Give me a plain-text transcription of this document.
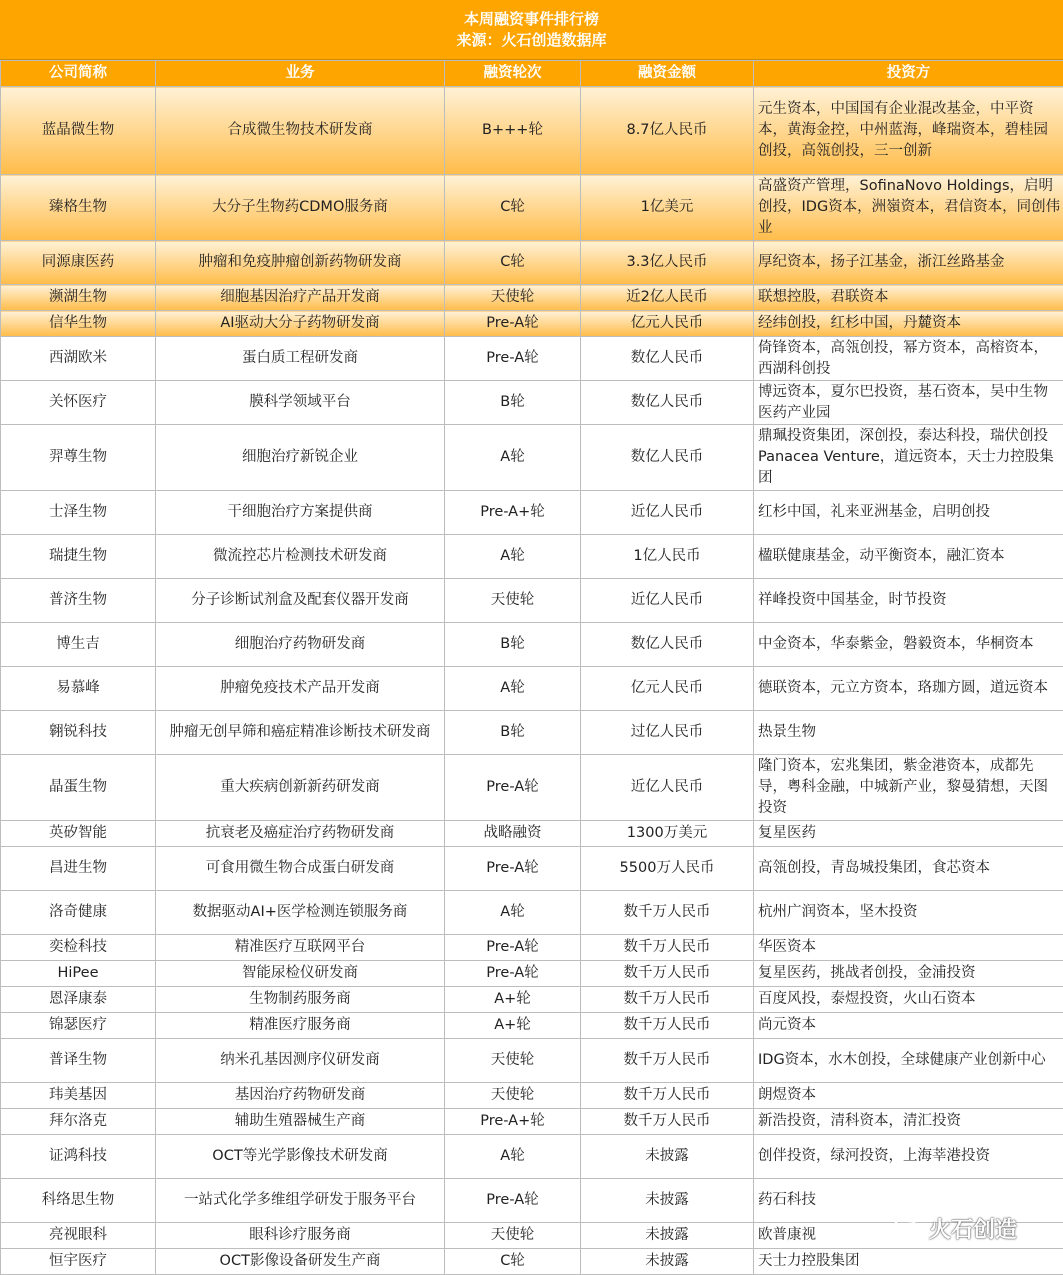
本周融资事件排行榜
来源：火石创造数据库
公司简称	业务	融资轮次	融资金额	投资方
蓝晶微生物	合成微生物技术研发商	B+++轮	8.7亿人民币	元生资本，中国国有企业混改基金，中平资本，黄海金控，中州蓝海，峰瑞资本，碧桂园创投，高瓴创投，三一创新
臻格生物	大分子生物药CDMO服务商	C轮	1亿美元	高盛资产管理，SofinaNovo Holdings，启明创投，IDG资本，洲嶺资本，君信资本，同创伟业
同源康医药	肿瘤和免疫肿瘤创新药物研发商	C轮	3.3亿人民币	厚纪资本，扬子江基金，浙江丝路基金
濒湖生物	细胞基因治疗产品开发商	天使轮	近2亿人民币	联想控股，君联资本
信华生物	AI驱动大分子药物研发商	Pre-A轮	亿元人民币	经纬创投，红杉中国，丹麓资本
西湖欧米	蛋白质工程研发商	Pre-A轮	数亿人民币	倚锋资本，高瓴创投，幂方资本，高榕资本，西湖科创投
关怀医疗	膜科学领域平台	B轮	数亿人民币	博远资本，夏尔巴投资，基石资本，吴中生物医药产业园
羿尊生物	细胞治疗新锐企业	A轮	数亿人民币	鼎珮投资集团，深创投，泰达科投，瑞伏创投Panacea Venture，道远资本，天士力控股集团
士泽生物	干细胞治疗方案提供商	Pre-A+轮	近亿人民币	红杉中国，礼来亚洲基金，启明创投
瑞捷生物	微流控芯片检测技术研发商	A轮	1亿人民币	楹联健康基金，动平衡资本，融汇资本
普济生物	分子诊断试剂盒及配套仪器开发商	天使轮	近亿人民币	祥峰投资中国基金，时节投资
博生吉	细胞治疗药物研发商	B轮	数亿人民币	中金资本，华泰紫金，磐毅资本，华桐资本
易慕峰	肿瘤免疫技术产品开发商	A轮	亿元人民币	德联资本，元立方资本，珞珈方圆，道远资本
翱锐科技	肿瘤无创早筛和癌症精准诊断技术研发商	B轮	过亿人民币	热景生物
晶蛋生物	重大疾病创新新药研发商	Pre-A轮	近亿人民币	隆门资本，宏兆集团，紫金港资本，成都先导，粤科金融，中城新产业，黎曼猜想，天图投资
英矽智能	抗衰老及癌症治疗药物研发商	战略融资	1300万美元	复星医药
昌进生物	可食用微生物合成蛋白研发商	Pre-A轮	5500万人民币	高瓴创投，青岛城投集团，食芯资本
洛奇健康	数据驱动AI+医学检测连锁服务商	A轮	数千万人民币	杭州广润资本，坚木投资
奕检科技	精准医疗互联网平台	Pre-A轮	数千万人民币	华医资本
HiPee	智能尿检仪研发商	Pre-A轮	数千万人民币	复星医药，挑战者创投，金浦投资
恩泽康泰	生物制药服务商	A+轮	数千万人民币	百度风投，泰煜投资，火山石资本
锦瑟医疗	精准医疗服务商	A+轮	数千万人民币	尚元资本
普译生物	纳米孔基因测序仪研发商	天使轮	数千万人民币	IDG资本，水木创投，全球健康产业创新中心
玮美基因	基因治疗药物研发商	天使轮	数千万人民币	朗煜资本
拜尔洛克	辅助生殖器械生产商	Pre-A+轮	数千万人民币	新浩投资，清科资本，清汇投资
证鸿科技	OCT等光学影像技术研发商	A轮	未披露	创伴投资，绿河投资，上海莘港投资
科络思生物	一站式化学多维组学研发于服务平台	Pre-A轮	未披露	药石科技
亮视眼科	眼科诊疗服务商	天使轮	未披露	欧普康视
恒宇医疗	OCT影像设备研发生产商	C轮	未披露	天士力控股集团
火石创造
